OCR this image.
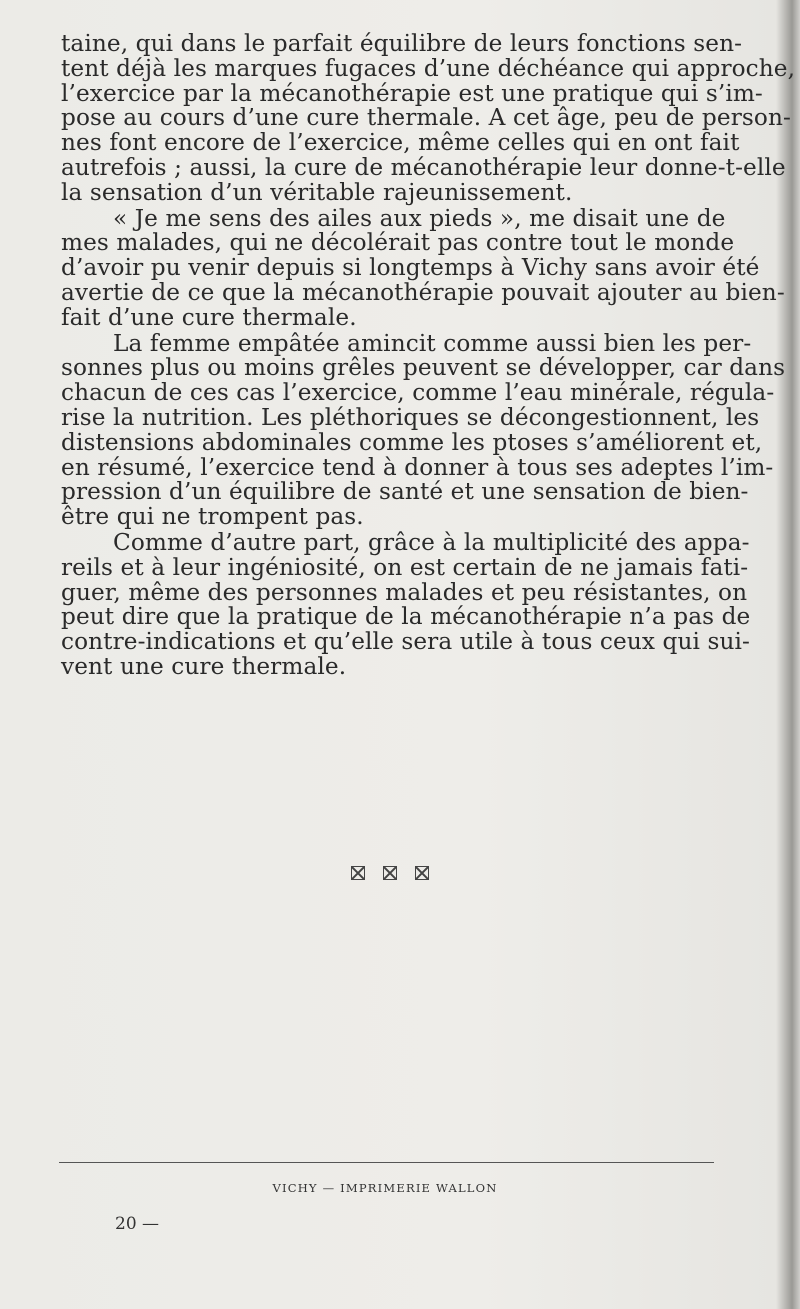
taine, qui dans le parfait équilibre de leurs fonctions sen-
tent déjà les marques fugaces d’une déchéance qui approche,
l’exercice par la mécanothérapie est une pratique qui s’im-
pose au cours d’une cure thermale. A cet âge, peu de person-
nes font encore de l’exercice, même celles qui en ont fait
autrefois ; aussi, la cure de mécanothérapie leur donne-t-elle
la sensation d’un véritable rajeunissement.

« Je me sens des ailes aux pieds », me disait une de
mes malades, qui ne décolérait pas contre tout le monde
d’avoir pu venir depuis si longtemps à Vichy sans avoir été
avertie de ce que la mécanothérapie pouvait ajouter au bien-
fait d’une cure thermale.

La femme empâtée amincit comme aussi bien les per-
sonnes plus ou moins grêles peuvent se développer, car dans
chacun de ces cas l’exercice, comme l’eau minérale, régula-
rise la nutrition. Les pléthoriques se décongestionnent, les
distensions abdominales comme les ptoses s’améliorent et,
en résumé, l’exercice tend à donner à tous ses adeptes l’im-
pression d’un équilibre de santé et une sensation de bien-
être qui ne trompent pas.

Comme d’autre part, grâce à la multiplicité des appa-
reils et à leur ingéniosité, on est certain de ne jamais fati-
guer, même des personnes malades et peu résistantes, on
peut dire que la pratique de la mécanothérapie n’a pas de
contre-indications et qu’elle sera utile à tous ceux qui sui-
vent une cure thermale.

VICHY — IMPRIMERIE WALLON
20 —
